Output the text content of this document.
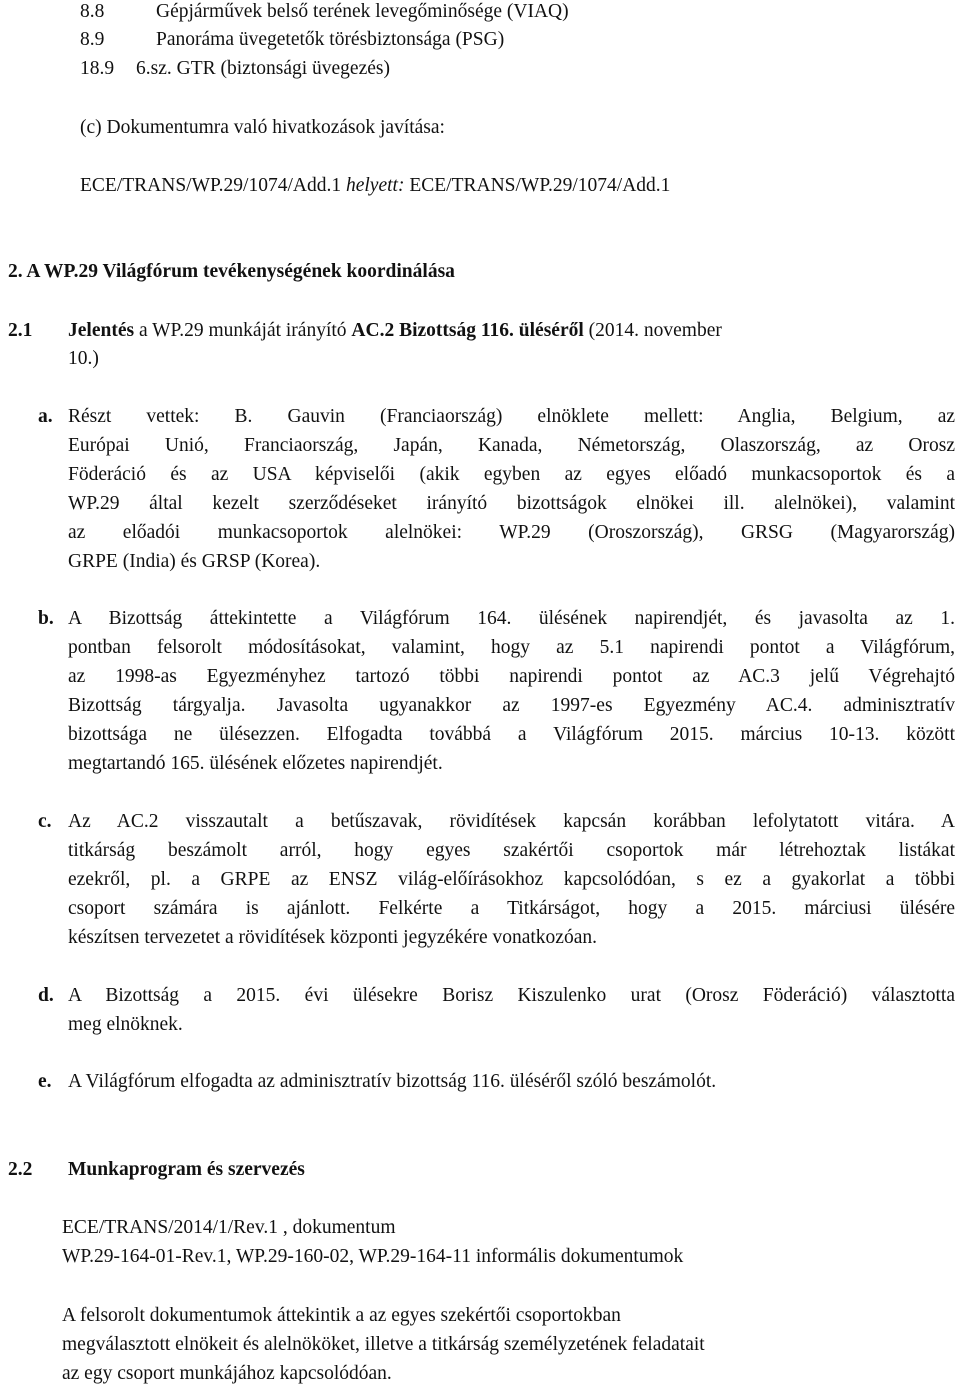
8.8	Gépjárművek belső terének levegőminősége (VIAQ)
8.9	Panoráma üvegetetők törésbiztonsága (PSG)
18.9 6.sz. GTR (biztonsági üvegezés)
(c) Dokumentumra való hivatkozások javítása:
ECE/TRANS/WP.29/1074/Add.1 helyett: ECE/TRANS/WP.29/1074/Add.1
2. A WP.29 Világfórum tevékenységének koordinálása
2.1 Jelentés a WP.29 munkáját irányító AC.2 Bizottság 116. üléséről (2014. november
10.)
a. Részt vettek: B. Gauvin (Franciaország) elnöklete mellett: Anglia, Belgium, az
Európai Unió, Franciaország, Japán, Kanada, Németország, Olaszország, az Orosz
Föderáció és az USA képviselői (akik egyben az egyes előadó munkacsoportok és a
WP.29 által kezelt szerződéseket irányító bizottságok elnökei ill. alelnökei), valamint
az előadói munkacsoportok alelnökei: WP.29 (Oroszország), GRSG (Magyarország)
GRPE (India) és GRSP (Korea).
b. A Bizottság áttekintette a Világfórum 164. ülésének napirendjét, és javasolta az 1.
pontban felsorolt módosításokat, valamint, hogy az 5.1 napirendi pontot a Világfórum,
az 1998-as Egyezményhez tartozó többi napirendi pontot az AC.3 jelű Végrehajtó
Bizottság tárgyalja. Javasolta ugyanakkor az 1997-es Egyezmény AC.4. adminisztratív
bizottsága ne ülésezzen. Elfogadta továbbá a Világfórum 2015. március 10-13. között
megtartandó 165. ülésének előzetes napirendjét.
c. Az AC.2 visszautalt a betűszavak, rövidítések kapcsán korábban lefolytatott vitára. A
titkárság beszámolt arról, hogy egyes szakértői csoportok már létrehoztak listákat
ezekről, pl. a GRPE az ENSZ világ-előírásokhoz kapcsolódóan, s ez a gyakorlat a többi
csoport számára is ajánlott. Felkérte a Titkárságot, hogy a 2015. márciusi ülésére
készítsen tervezetet a rövidítések központi jegyzékére vonatkozóan.
d. A Bizottság a 2015. évi ülésekre Borisz Kiszulenko urat (Orosz Föderáció) választotta
meg elnöknek.
e. A Világfórum elfogadta az adminisztratív bizottság 116. üléséről szóló beszámolót.
2.2 Munkaprogram és szervezés
ECE/TRANS/2014/1/Rev.1 , dokumentum
WP.29-164-01-Rev.1, WP.29-160-02, WP.29-164-11 informális dokumentumok
A felsorolt dokumentumok áttekintik a az egyes szekértői csoportokban
megválasztott elnökeit és alelnököket, illetve a titkárság személyzetének feladatait
az egy csoport munkájához kapcsolódóan.
